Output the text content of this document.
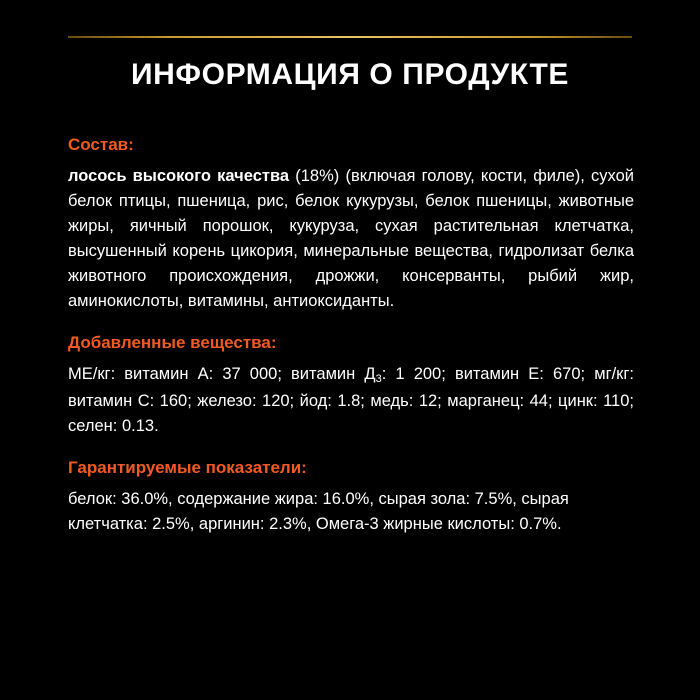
ИНФОРМАЦИЯ О ПРОДУКТЕ
Состав:

лосось высокого качества (18%) (включая голову, кости, филе), сухой белок птицы, пшеница, рис, белок кукурузы, белок пшеницы, животные жиры, яичный порошок, кукуруза, сухая растительная клетчатка, высушенный корень цикория, минеральные вещества, гидролизат белка животного происхождения, дрожжи, консерванты, рыбий жир, аминокислоты, витамины, антиоксиданты.

Добавленные вещества:

МЕ/кг: витамин А: 37 000; витамин $Д_3$: 1 200; витамин Е: 670; мг/кг: витамин С: 160; железо: 120; йод: 1.8; медь: 12; марганец: 44; цинк: 110; селен: 0.13.

Гарантируемые показатели:

белок: 36.0%, содержание жира: 16.0%, сырая зола: 7.5%, сырая клетчатка: 2.5%, аргинин: 2.3%, Омега-3 жирные кислоты: 0.7%.
